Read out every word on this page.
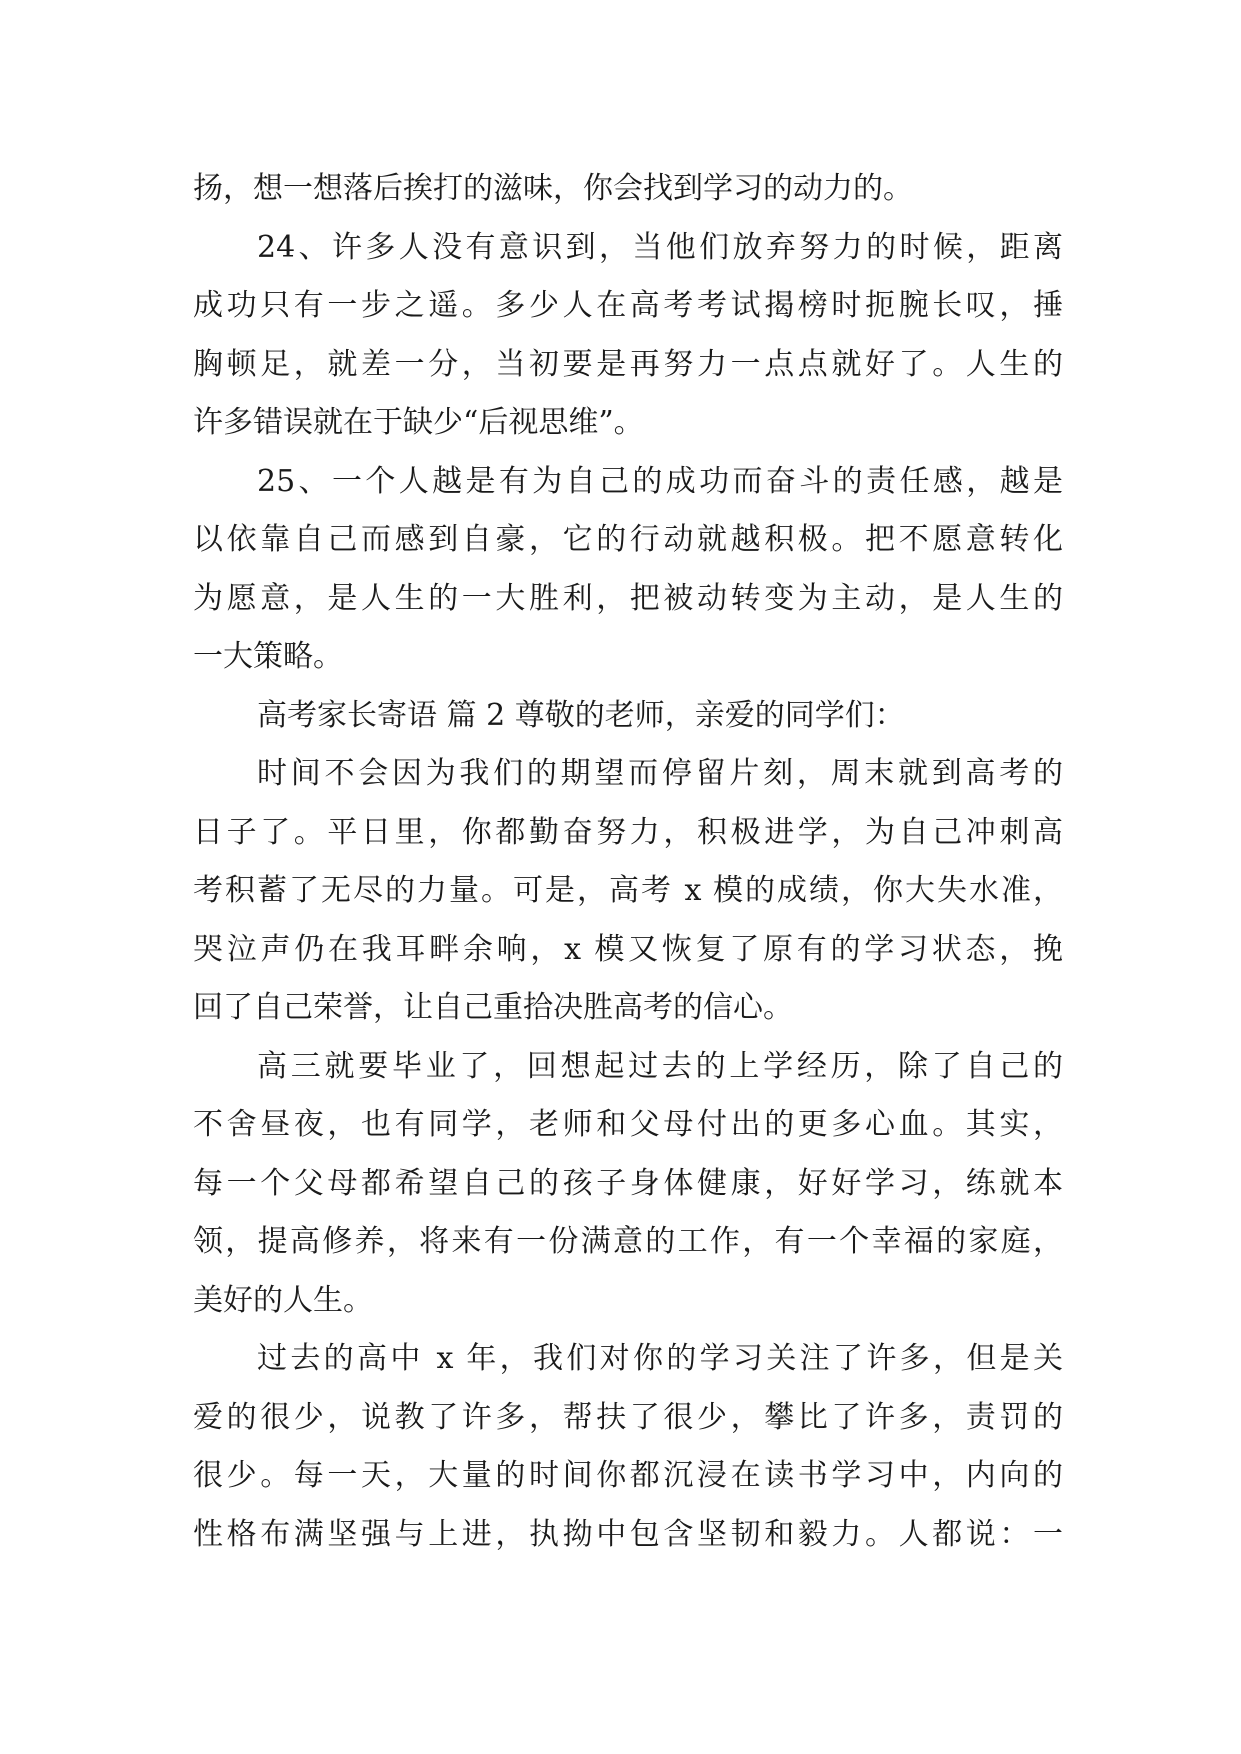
扬，想一想落后挨打的滋味，你会找到学习的动力的。
24、许多人没有意识到，当他们放弃努力的时候，距离
成功只有一步之遥。多少人在高考考试揭榜时扼腕长叹，捶
胸顿足，就差一分，当初要是再努力一点点就好了。人生的
许多错误就在于缺少“后视思维”。
25、一个人越是有为自己的成功而奋斗的责任感，越是
以依靠自己而感到自豪，它的行动就越积极。把不愿意转化
为愿意，是人生的一大胜利，把被动转变为主动，是人生的
一大策略。
高考家长寄语 篇 2 尊敬的老师，亲爱的同学们：
时间不会因为我们的期望而停留片刻，周末就到高考的
日子了。平日里，你都勤奋努力，积极进学，为自己冲刺高
考积蓄了无尽的力量。可是，高考 x 模的成绩，你大失水准，
哭泣声仍在我耳畔余响，x 模又恢复了原有的学习状态，挽
回了自己荣誉，让自己重拾决胜高考的信心。
高三就要毕业了，回想起过去的上学经历，除了自己的
不舍昼夜，也有同学，老师和父母付出的更多心血。其实，
每一个父母都希望自己的孩子身体健康，好好学习，练就本
领，提高修养，将来有一份满意的工作，有一个幸福的家庭，
美好的人生。
过去的高中 x 年，我们对你的学习关注了许多，但是关
爱的很少，说教了许多，帮扶了很少，攀比了许多，责罚的
很少。每一天，大量的时间你都沉浸在读书学习中，内向的
性格布满坚强与上进，执拗中包含坚韧和毅力。人都说：一
